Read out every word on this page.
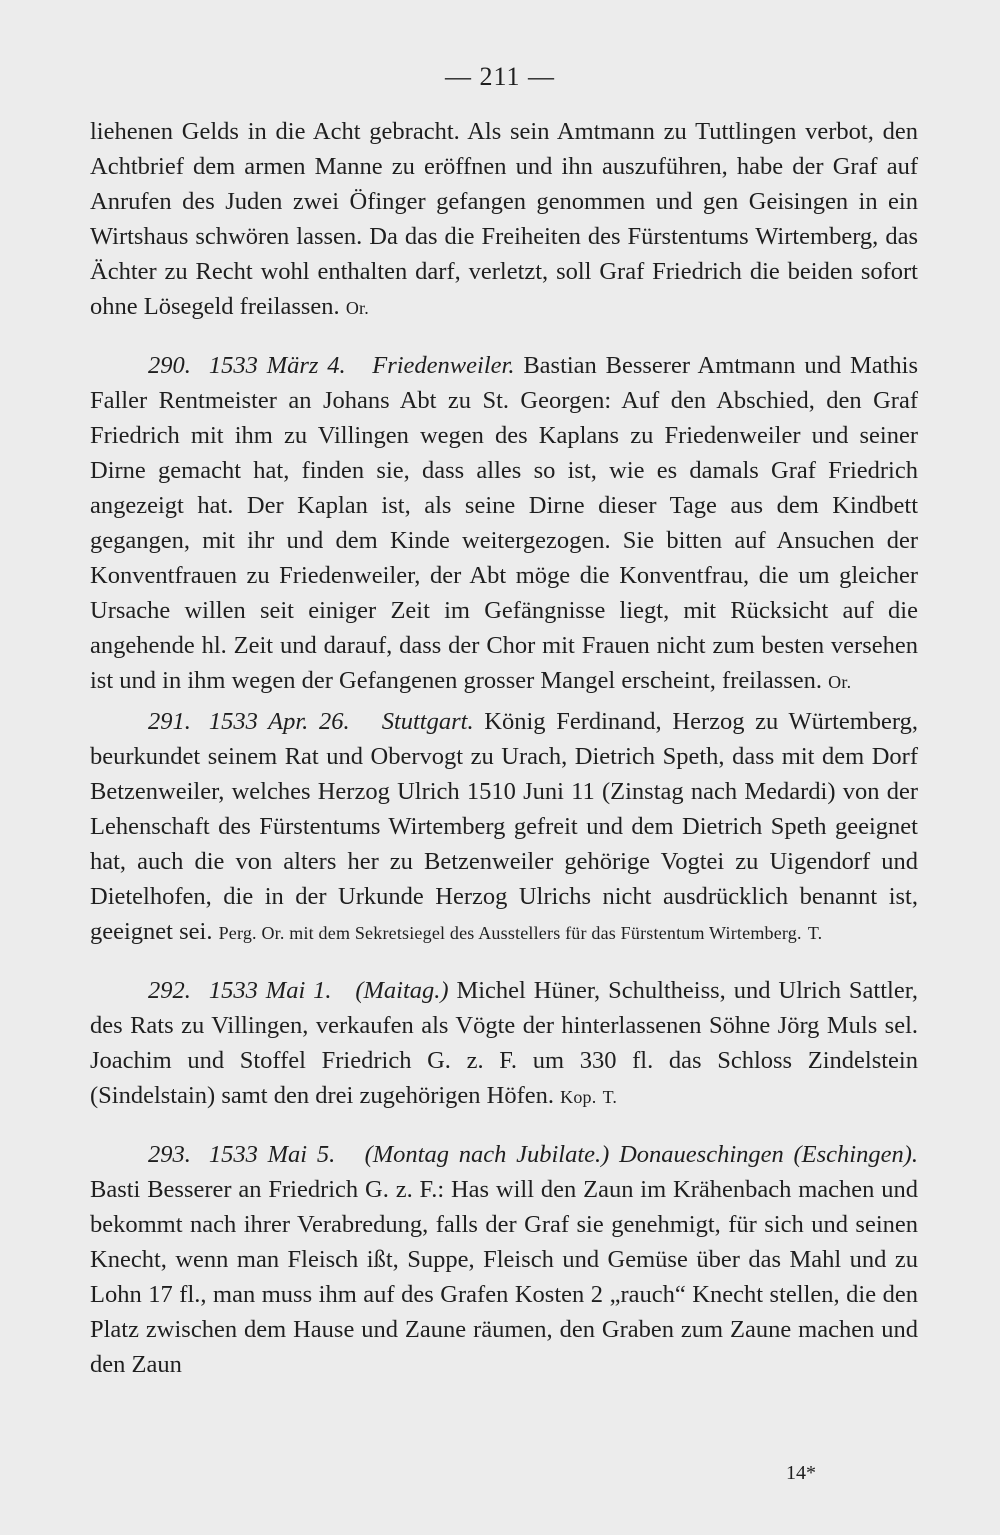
— 211 —

liehenen Gelds in die Acht gebracht. Als sein Amtmann zu Tuttlingen verbot, den Achtbrief dem armen Manne zu eröffnen und ihn auszuführen, habe der Graf auf Anrufen des Juden zwei Öfinger gefangen genommen und gen Geisingen in ein Wirtshaus schwören lassen. Da das die Freiheiten des Fürstentums Wirtemberg, das Ächter zu Recht wohl enthalten darf, verletzt, soll Graf Friedrich die beiden sofort ohne Lösegeld freilassen. Or.

290. 1533 März 4. Friedenweiler. Bastian Besserer Amtmann und Mathis Faller Rentmeister an Johans Abt zu St. Georgen: Auf den Abschied, den Graf Friedrich mit ihm zu Villingen wegen des Kaplans zu Friedenweiler und seiner Dirne gemacht hat, finden sie, dass alles so ist, wie es damals Graf Friedrich angezeigt hat. Der Kaplan ist, als seine Dirne dieser Tage aus dem Kindbett gegangen, mit ihr und dem Kinde weitergezogen. Sie bitten auf Ansuchen der Konventfrauen zu Friedenweiler, der Abt möge die Konventfrau, die um gleicher Ursache willen seit einiger Zeit im Gefängnisse liegt, mit Rücksicht auf die angehende hl. Zeit und darauf, dass der Chor mit Frauen nicht zum besten versehen ist und in ihm wegen der Gefangenen grosser Mangel erscheint, freilassen. Or.

291. 1533 Apr. 26. Stuttgart. König Ferdinand, Herzog zu Würtemberg, beurkundet seinem Rat und Obervogt zu Urach, Dietrich Speth, dass mit dem Dorf Betzenweiler, welches Herzog Ulrich 1510 Juni 11 (Zinstag nach Medardi) von der Lehenschaft des Fürstentums Wirtemberg gefreit und dem Dietrich Speth geeignet hat, auch die von alters her zu Betzenweiler gehörige Vogtei zu Uigendorf und Dietelhofen, die in der Urkunde Herzog Ulrichs nicht ausdrücklich benannt ist, geeignet sei. Perg. Or. mit dem Sekretsiegel des Ausstellers für das Fürstentum Wirtemberg. T.

292. 1533 Mai 1. (Maitag.) Michel Hüner, Schultheiss, und Ulrich Sattler, des Rats zu Villingen, verkaufen als Vögte der hinterlassenen Söhne Jörg Muls sel. Joachim und Stoffel Friedrich G. z. F. um 330 fl. das Schloss Zindelstein (Sindelstain) samt den drei zugehörigen Höfen. Kop. T.

293. 1533 Mai 5. (Montag nach Jubilate.) Donaueschingen (Eschingen). Basti Besserer an Friedrich G. z. F.: Has will den Zaun im Krähenbach machen und bekommt nach ihrer Verabredung, falls der Graf sie genehmigt, für sich und seinen Knecht, wenn man Fleisch ißt, Suppe, Fleisch und Gemüse über das Mahl und zu Lohn 17 fl., man muss ihm auf des Grafen Kosten 2 „rauch“ Knecht stellen, die den Platz zwischen dem Hause und Zaune räumen, den Graben zum Zaune machen und den Zaun

14*
